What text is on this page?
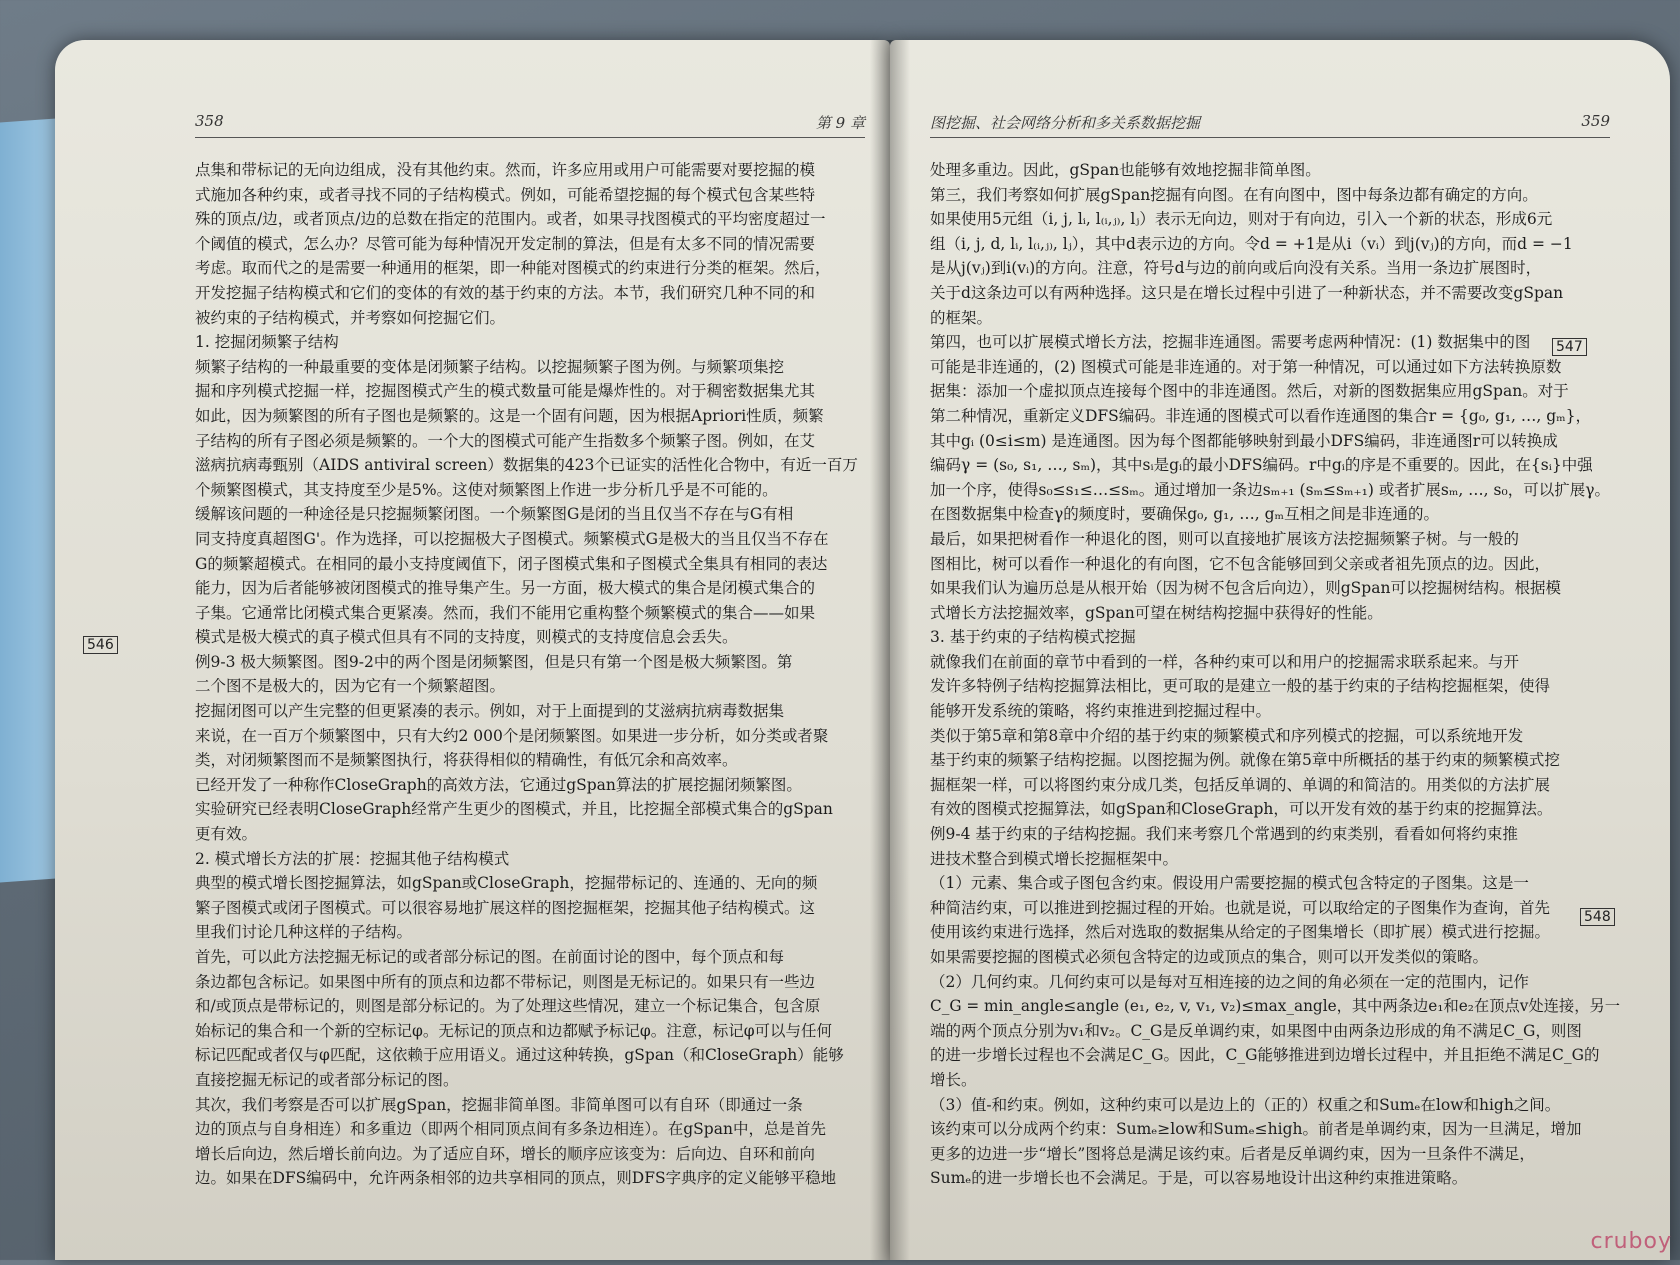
358	第 9 章
点集和带标记的无向边组成，没有其他约束。然而，许多应用或用户可能需要对要挖掘的模
式施加各种约束，或者寻找不同的子结构模式。例如，可能希望挖掘的每个模式包含某些特
殊的顶点/边，或者顶点/边的总数在指定的范围内。或者，如果寻找图模式的平均密度超过一
个阈值的模式，怎么办？尽管可能为每种情况开发定制的算法，但是有太多不同的情况需要
考虑。取而代之的是需要一种通用的框架，即一种能对图模式的约束进行分类的框架。然后，
开发挖掘子结构模式和它们的变体的有效的基于约束的方法。本节，我们研究几种不同的和
被约束的子结构模式，并考察如何挖掘它们。
1. 挖掘闭频繁子结构
频繁子结构的一种最重要的变体是闭频繁子结构。以挖掘频繁子图为例。与频繁项集挖
掘和序列模式挖掘一样，挖掘图模式产生的模式数量可能是爆炸性的。对于稠密数据集尤其
如此，因为频繁图的所有子图也是频繁的。这是一个固有问题，因为根据Apriori性质，频繁
子结构的所有子图必须是频繁的。一个大的图模式可能产生指数多个频繁子图。例如，在艾
滋病抗病毒甄别（AIDS antiviral screen）数据集的423个已证实的活性化合物中，有近一百万
个频繁图模式，其支持度至少是5%。这使对频繁图上作进一步分析几乎是不可能的。
缓解该问题的一种途径是只挖掘频繁闭图。一个频繁图G是闭的当且仅当不存在与G有相
同支持度真超图G'。作为选择，可以挖掘极大子图模式。频繁模式G是极大的当且仅当不存在
G的频繁超模式。在相同的最小支持度阈值下，闭子图模式集和子图模式全集具有相同的表达
能力，因为后者能够被闭图模式的推导集产生。另一方面，极大模式的集合是闭模式集合的
子集。它通常比闭模式集合更紧凑。然而，我们不能用它重构整个频繁模式的集合——如果
模式是极大模式的真子模式但具有不同的支持度，则模式的支持度信息会丢失。
例9-3 极大频繁图。图9-2中的两个图是闭频繁图，但是只有第一个图是极大频繁图。第
二个图不是极大的，因为它有一个频繁超图。
挖掘闭图可以产生完整的但更紧凑的表示。例如，对于上面提到的艾滋病抗病毒数据集
来说，在一百万个频繁图中，只有大约2 000个是闭频繁图。如果进一步分析，如分类或者聚
类，对闭频繁图而不是频繁图执行，将获得相似的精确性，有低冗余和高效率。
已经开发了一种称作CloseGraph的高效方法，它通过gSpan算法的扩展挖掘闭频繁图。
实验研究已经表明CloseGraph经常产生更少的图模式，并且，比挖掘全部模式集合的gSpan
更有效。
2. 模式增长方法的扩展：挖掘其他子结构模式
典型的模式增长图挖掘算法，如gSpan或CloseGraph，挖掘带标记的、连通的、无向的频
繁子图模式或闭子图模式。可以很容易地扩展这样的图挖掘框架，挖掘其他子结构模式。这
里我们讨论几种这样的子结构。
首先，可以此方法挖掘无标记的或者部分标记的图。在前面讨论的图中，每个顶点和每
条边都包含标记。如果图中所有的顶点和边都不带标记，则图是无标记的。如果只有一些边
和/或顶点是带标记的，则图是部分标记的。为了处理这些情况，建立一个标记集合，包含原
始标记的集合和一个新的空标记φ。无标记的顶点和边都赋予标记φ。注意，标记φ可以与任何
标记匹配或者仅与φ匹配，这依赖于应用语义。通过这种转换，gSpan（和CloseGraph）能够
直接挖掘无标记的或者部分标记的图。
其次，我们考察是否可以扩展gSpan，挖掘非简单图。非简单图可以有自环（即通过一条
边的顶点与自身相连）和多重边（即两个相同顶点间有多条边相连）。在gSpan中，总是首先
增长后向边，然后增长前向边。为了适应自环，增长的顺序应该变为：后向边、自环和前向
边。如果在DFS编码中，允许两条相邻的边共享相同的顶点，则DFS字典序的定义能够平稳地
546
图挖掘、社会网络分析和多关系数据挖掘	359
处理多重边。因此，gSpan也能够有效地挖掘非简单图。
第三，我们考察如何扩展gSpan挖掘有向图。在有向图中，图中每条边都有确定的方向。
如果使用5元组（i, j, lᵢ, l₍ᵢ,ⱼ₎, lⱼ）表示无向边，则对于有向边，引入一个新的状态，形成6元
组（i, j, d, lᵢ, l₍ᵢ,ⱼ₎, lⱼ），其中d表示边的方向。令d = +1是从i（vᵢ）到j(vⱼ)的方向，而d = −1
是从j(vⱼ)到i(vᵢ)的方向。注意，符号d与边的前向或后向没有关系。当用一条边扩展图时，
关于d这条边可以有两种选择。这只是在增长过程中引进了一种新状态，并不需要改变gSpan
的框架。
第四，也可以扩展模式增长方法，挖掘非连通图。需要考虑两种情况：(1) 数据集中的图
可能是非连通的，(2) 图模式可能是非连通的。对于第一种情况，可以通过如下方法转换原数
据集：添加一个虚拟顶点连接每个图中的非连通图。然后，对新的图数据集应用gSpan。对于
第二种情况，重新定义DFS编码。非连通的图模式可以看作连通图的集合r = {g₀, g₁, …, gₘ}，
其中gᵢ (0≤i≤m) 是连通图。因为每个图都能够映射到最小DFS编码，非连通图r可以转换成
编码γ = (s₀, s₁, …, sₘ)，其中sᵢ是gᵢ的最小DFS编码。r中gᵢ的序是不重要的。因此，在{sᵢ}中强
加一个序，使得s₀≤s₁≤…≤sₘ。通过增加一条边sₘ₊₁ (sₘ≤sₘ₊₁) 或者扩展sₘ, …, s₀，可以扩展γ。
在图数据集中检查γ的频度时，要确保g₀, g₁, …, gₘ互相之间是非连通的。
最后，如果把树看作一种退化的图，则可以直接地扩展该方法挖掘频繁子树。与一般的
图相比，树可以看作一种退化的有向图，它不包含能够回到父亲或者祖先顶点的边。因此，
如果我们认为遍历总是从根开始（因为树不包含后向边），则gSpan可以挖掘树结构。根据模
式增长方法挖掘效率，gSpan可望在树结构挖掘中获得好的性能。
3. 基于约束的子结构模式挖掘
就像我们在前面的章节中看到的一样，各种约束可以和用户的挖掘需求联系起来。与开
发许多特例子结构挖掘算法相比，更可取的是建立一般的基于约束的子结构挖掘框架，使得
能够开发系统的策略，将约束推进到挖掘过程中。
类似于第5章和第8章中介绍的基于约束的频繁模式和序列模式的挖掘，可以系统地开发
基于约束的频繁子结构挖掘。以图挖掘为例。就像在第5章中所概括的基于约束的频繁模式挖
掘框架一样，可以将图约束分成几类，包括反单调的、单调的和简洁的。用类似的方法扩展
有效的图模式挖掘算法，如gSpan和CloseGraph，可以开发有效的基于约束的挖掘算法。
例9-4 基于约束的子结构挖掘。我们来考察几个常遇到的约束类别，看看如何将约束推
进技术整合到模式增长挖掘框架中。
（1）元素、集合或子图包含约束。假设用户需要挖掘的模式包含特定的子图集。这是一
种简洁约束，可以推进到挖掘过程的开始。也就是说，可以取给定的子图集作为查询，首先
使用该约束进行选择，然后对选取的数据集从给定的子图集增长（即扩展）模式进行挖掘。
如果需要挖掘的图模式必须包含特定的边或顶点的集合，则可以开发类似的策略。
（2）几何约束。几何约束可以是每对互相连接的边之间的角必须在一定的范围内，记作
C_G = min_angle≤angle (e₁, e₂, v, v₁, v₂)≤max_angle，其中两条边e₁和e₂在顶点v处连接，另一
端的两个顶点分别为v₁和v₂。C_G是反单调约束，如果图中由两条边形成的角不满足C_G，则图
的进一步增长过程也不会满足C_G。因此，C_G能够推进到边增长过程中，并且拒绝不满足C_G的
增长。
（3）值-和约束。例如，这种约束可以是边上的（正的）权重之和Sumₑ在low和high之间。
该约束可以分成两个约束：Sumₑ≥low和Sumₑ≤high。前者是单调约束，因为一旦满足，增加
更多的边进一步“增长”图将总是满足该约束。后者是反单调约束，因为一旦条件不满足，
Sumₑ的进一步增长也不会满足。于是，可以容易地设计出这种约束推进策略。
547
548
cruboy
